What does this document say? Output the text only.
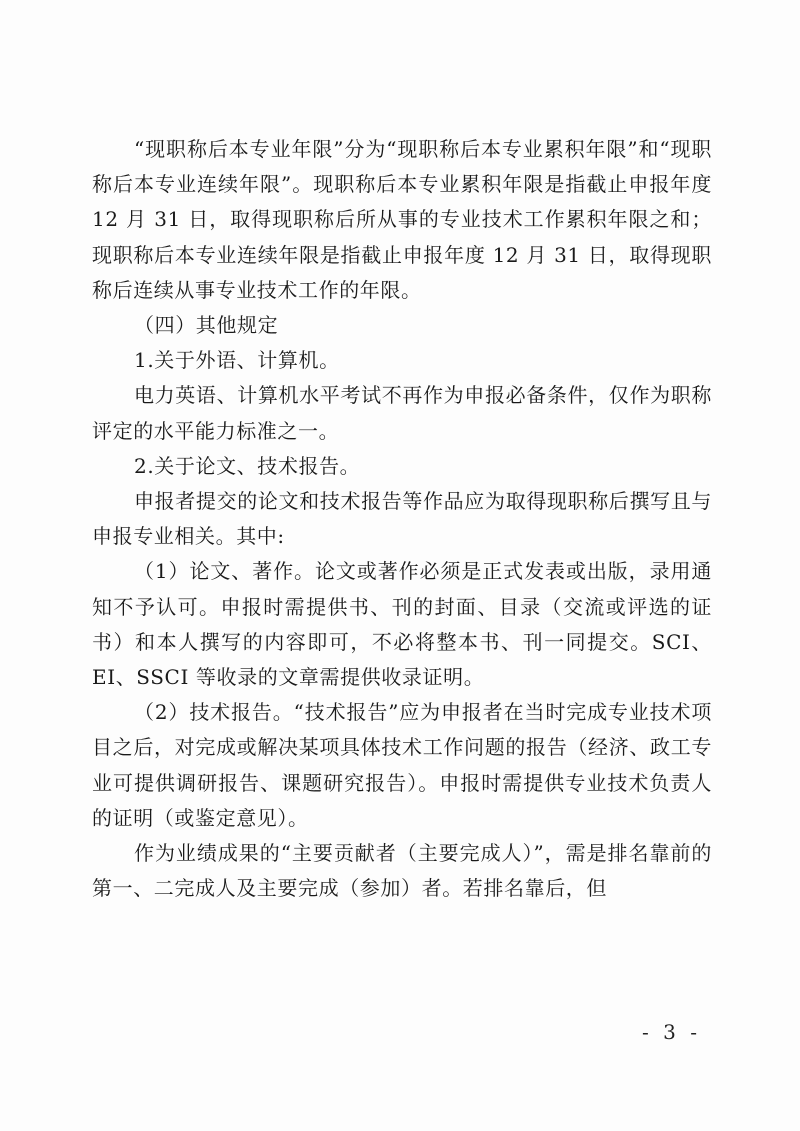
“现职称后本专业年限”分为“现职称后本专业累积年限”和“现职称后本专业连续年限”。现职称后本专业累积年限是指截止申报年度 12 月 31 日，取得现职称后所从事的专业技术工作累积年限之和；现职称后本专业连续年限是指截止申报年度 12 月 31 日，取得现职称后连续从事专业技术工作的年限。

（四）其他规定

1.关于外语、计算机。

电力英语、计算机水平考试不再作为申报必备条件，仅作为职称评定的水平能力标准之一。

2.关于论文、技术报告。

申报者提交的论文和技术报告等作品应为取得现职称后撰写且与申报专业相关。其中:

（1）论文、著作。论文或著作必须是正式发表或出版，录用通知不予认可。申报时需提供书、刊的封面、目录（交流或评选的证书）和本人撰写的内容即可，不必将整本书、刊一同提交。SCI、EI、SSCI 等收录的文章需提供收录证明。

（2）技术报告。“技术报告”应为申报者在当时完成专业技术项目之后，对完成或解决某项具体技术工作问题的报告（经济、政工专业可提供调研报告、课题研究报告）。申报时需提供专业技术负责人的证明（或鉴定意见）。

作为业绩成果的“主要贡献者（主要完成人）”，需是排名靠前的第一、二完成人及主要完成（参加）者。若排名靠后，但

- 3 -
